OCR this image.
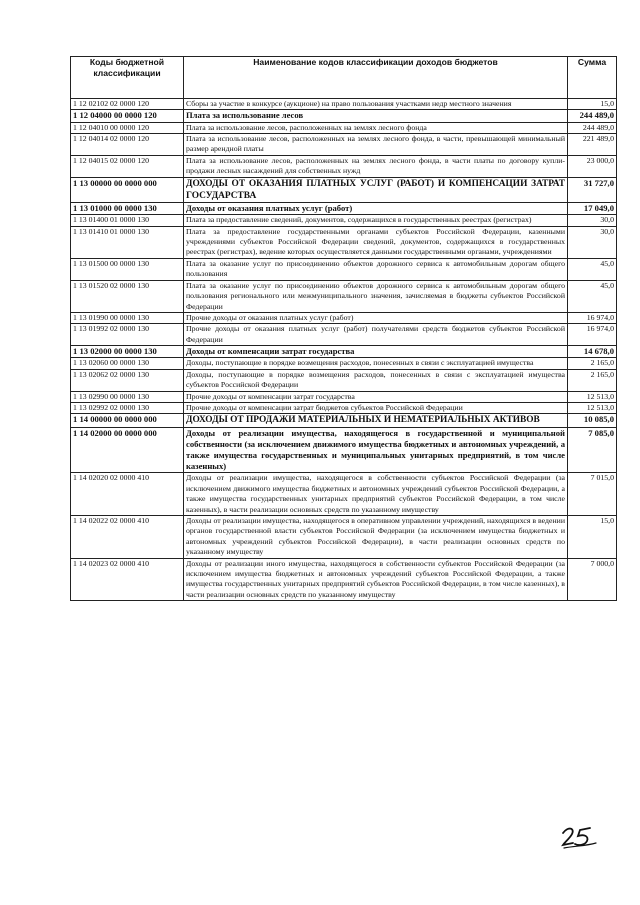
Коды бюджетной классификации	Наименование кодов классификации доходов бюджетов	Сумма
1 12 02102 02 0000 120	Сборы за участие в конкурсе (аукционе) на право пользования участками недр местного значения	15,0
1 12 04000 00 0000 120	Плата за использование лесов	244 489,0
1 12 04010 00 0000 120	Плата за использование лесов, расположенных на землях лесного фонда	244 489,0
1 12 04014 02 0000 120	Плата за использование лесов, расположенных на землях лесного фонда, в части, превышающей минимальный размер арендной платы	221 489,0
1 12 04015 02 0000 120	Плата за использование лесов, расположенных на землях лесного фонда, в части платы по договору купли-продажи лесных насаждений для собственных нужд	23 000,0
1 13 00000 00 0000 000	ДОХОДЫ ОТ ОКАЗАНИЯ ПЛАТНЫХ УСЛУГ (РАБОТ) И КОМПЕНСАЦИИ ЗАТРАТ ГОСУДАРСТВА	31 727,0
1 13 01000 00 0000 130	Доходы от оказания платных услуг (работ)	17 049,0
1 13 01400 01 0000 130	Плата за предоставление сведений, документов, содержащихся в государственных реестрах (регистрах)	30,0
1 13 01410 01 0000 130	Плата за предоставление государственными органами субъектов Российской Федерации, казенными учреждениями субъектов Российской Федерации сведений, документов, содержащихся в государственных реестрах (регистрах), ведение которых осуществляется данными государственными органами, учреждениями	30,0
1 13 01500 00 0000 130	Плата за оказание услуг по присоединению объектов дорожного сервиса к автомобильным дорогам общего пользования	45,0
1 13 01520 02 0000 130	Плата за оказание услуг по присоединению объектов дорожного сервиса к автомобильным дорогам общего пользования регионального или межмуниципального значения, зачисляемая в бюджеты субъектов Российской Федерации	45,0
1 13 01990 00 0000 130	Прочие доходы от оказания платных услуг (работ)	16 974,0
1 13 01992 02 0000 130	Прочие доходы от оказания платных услуг (работ) получателями средств бюджетов субъектов Российской Федерации	16 974,0
1 13 02000 00 0000 130	Доходы от компенсации затрат государства	14 678,0
1 13 02060 00 0000 130	Доходы, поступающие в порядке возмещения расходов, понесенных в связи с эксплуатацией имущества	2 165,0
1 13 02062 02 0000 130	Доходы, поступающие в порядке возмещения расходов, понесенных в связи с эксплуатацией имущества субъектов Российской Федерации	2 165,0
1 13 02990 00 0000 130	Прочие доходы от компенсации затрат государства	12 513,0
1 13 02992 02 0000 130	Прочие доходы от компенсации затрат бюджетов субъектов Российской Федерации	12 513,0
1 14 00000 00 0000 000	ДОХОДЫ ОТ ПРОДАЖИ МАТЕРИАЛЬНЫХ И НЕМАТЕРИАЛЬНЫХ АКТИВОВ	10 085,0
1 14 02000 00 0000 000	Доходы от реализации имущества, находящегося в государственной и муниципальной собственности (за исключением движимого имущества бюджетных и автономных учреждений, а также имущества государственных и муниципальных унитарных предприятий, в том числе казенных)	7 085,0
1 14 02020 02 0000 410	Доходы от реализации имущества, находящегося в собственности субъектов Российской Федерации (за исключением движимого имущества бюджетных и автономных учреждений субъектов Российской Федерации, а также имущества государственных унитарных предприятий субъектов Российской Федерации, в том числе казенных), в части реализации основных средств по указанному имуществу	7 015,0
1 14 02022 02 0000 410	Доходы от реализации имущества, находящегося в оперативном управлении учреждений, находящихся в ведении органов государственной власти субъектов Российской Федерации (за исключением имущества бюджетных и автономных учреждений субъектов Российской Федерации), в части реализации основных средств по указанному имуществу	15,0
1 14 02023 02 0000 410	Доходы от реализации иного имущества, находящегося в собственности субъектов Российской Федерации (за исключением имущества бюджетных и автономных учреждений субъектов Российской Федерации, а также имущества государственных унитарных предприятий субъектов Российской Федерации, в том числе казенных), в части реализации основных средств по указанному имуществу	7 000,0
